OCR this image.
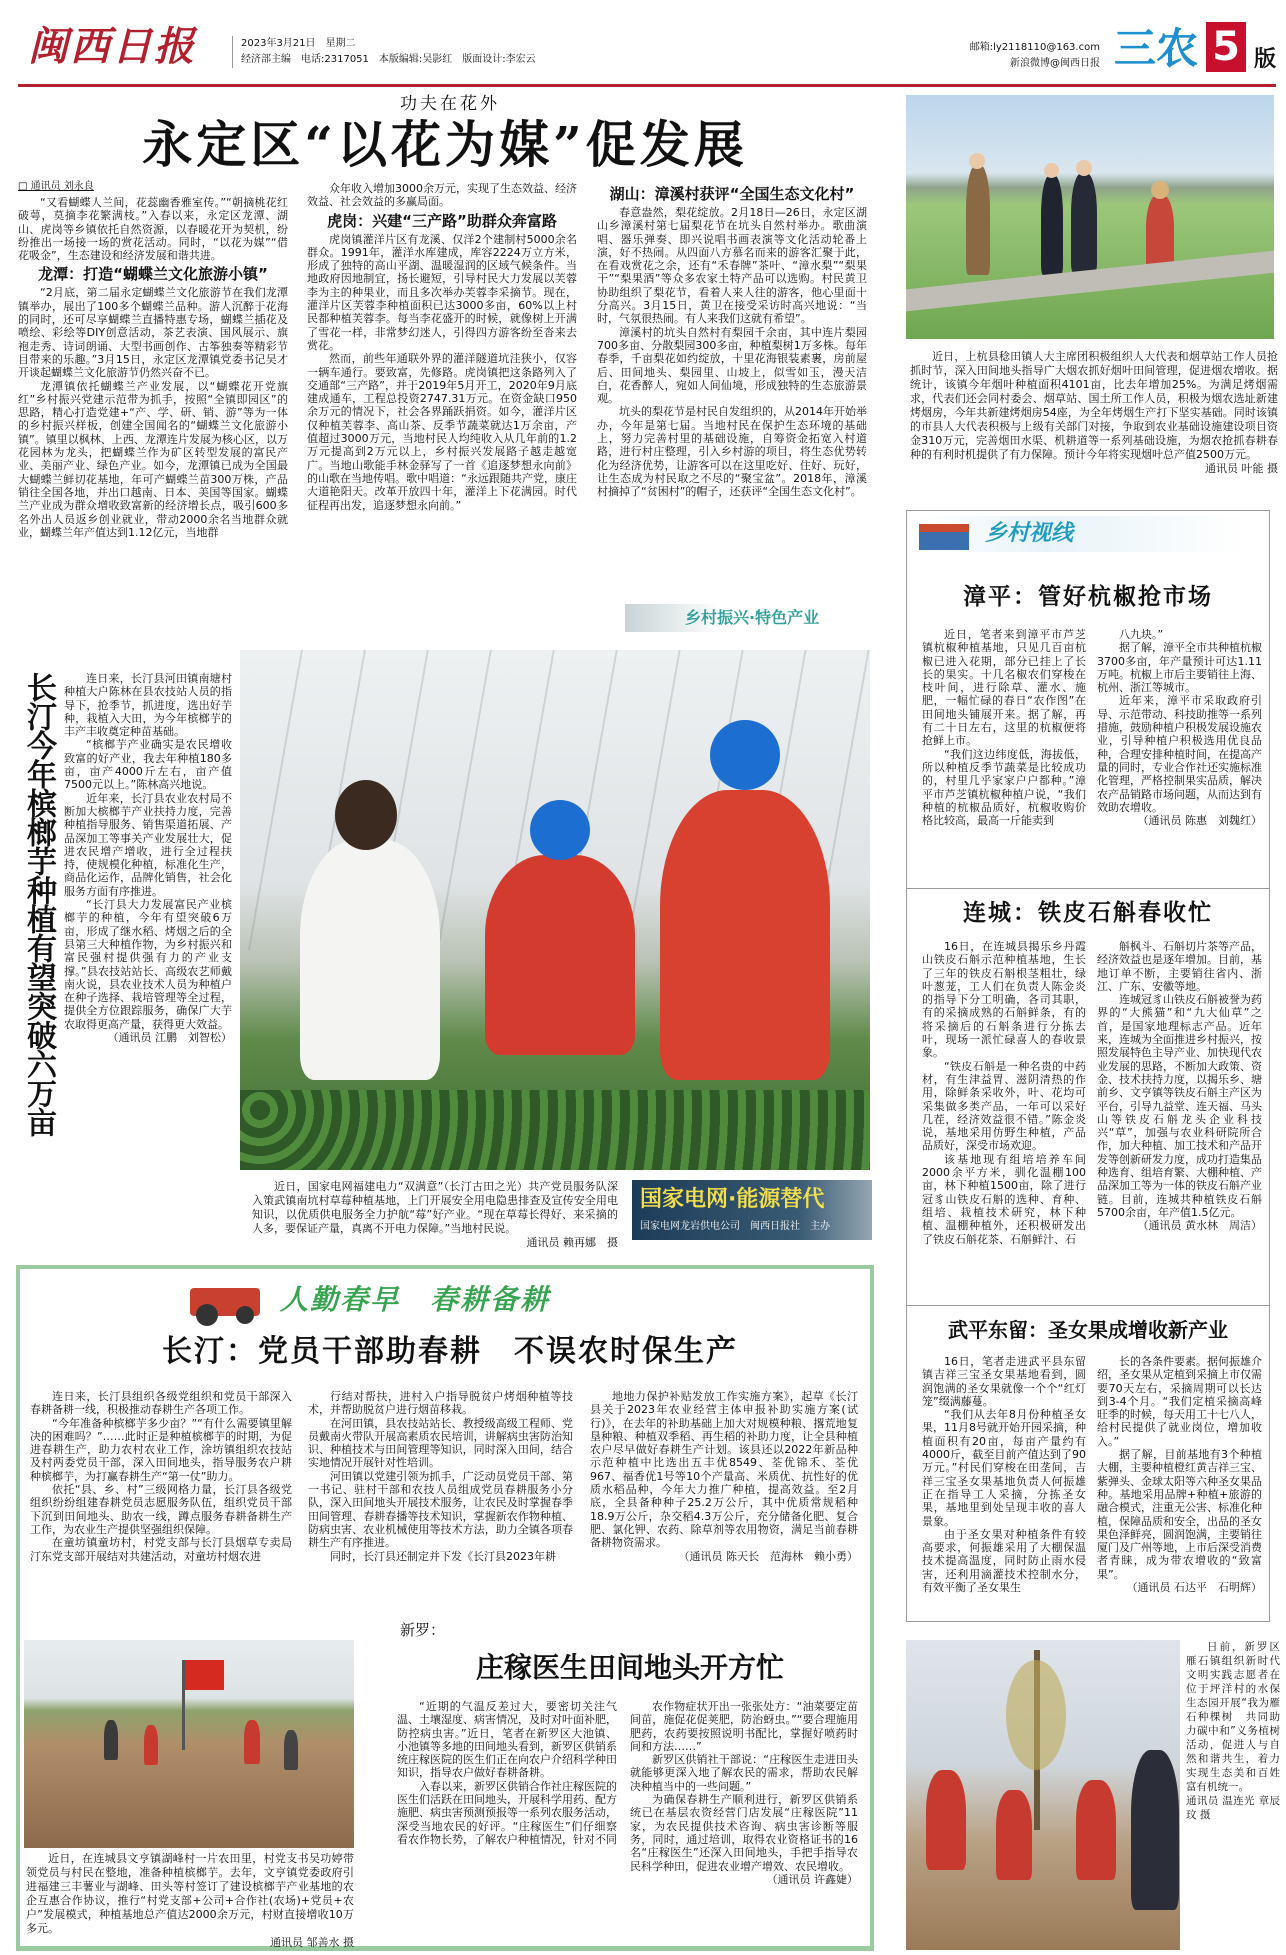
闽西日报	2023年3月21日　星期二
经济部主编　电话:2317051　本版编辑:吴影红　版面设计:李宏云
邮箱:ly2118110@163.com
新浪微博@闽西日报 三农 5 版
功夫在花外
永定区“以花为媒”促发展
□ 通讯员 刘永良

“又看蝴蝶人兰间，花蕊幽香雅室传。”“朝摘桃花红破萼，莫摘李花繁满枝。”入春以来，永定区龙潭、湖山、虎岗等乡镇依托自然资源，以春暖花开为契机，纷纷推出一场接一场的赏花活动。同时，“以花为媒”“借花吸金”，生态建设和经济发展和谐共进。

龙潭：打造“蝴蝶兰文化旅游小镇”

“2月底，第二届永定蝴蝶兰文化旅游节在我们龙潭镇举办，展出了100多个蝴蝶兰品种。游人沉醉于花海的同时，还可尽享蝴蝶兰直播特惠专场，蝴蝶兰插花及喷绘、彩绘等DIY创意活动，茶艺表演、国风展示、旗袍走秀、诗词朗诵、大型书画创作、古筝独奏等精彩节目带来的乐趣。”3月15日，永定区龙潭镇党委书记吴才开谈起蝴蝶兰文化旅游节仍然兴奋不已。

龙潭镇依托蝴蝶兰产业发展，以“蝴蝶花开党旗红”乡村振兴党建示范带为抓手，按照“全镇即园区”的思路，精心打造党建+“产、学、研、销、游”等为一体的乡村振兴样板，创建全国闻名的“蝴蝶兰文化旅游小镇”。镇里以枫林、上西、龙潭连片发展为核心区，以万花园林为龙头，把蝴蝶兰作为矿区转型发展的富民产业、美丽产业、绿色产业。如今，龙潭镇已成为全国最大蝴蝶兰鲜切花基地，年可产蝴蝶兰苗300万株，产品销往全国各地，并出口越南、日本、美国等国家。蝴蝶兰产业成为群众增收致富新的经济增长点，吸引600多名外出人员返乡创业就业，带动2000余名当地群众就业，蝴蝶兰年产值达到1.12亿元，当地群

众年收入增加3000余万元，实现了生态效益、经济效益、社会效益的多赢局面。

虎岗：兴建“三产路”助群众奔富路

虎岗镇灌洋片区有龙溪、仅洋2个建制村5000余名群众。1991年，灌洋水库建成，库容2224万立方米，形成了独特的高山平湖、温暖湿润的区域气候条件。当地政府因地制宜，扬长避短，引导村民大力发展以芙蓉李为主的种果业，而且多次举办芙蓉李采摘节。现在，灌洋片区芙蓉李种植面积已达3000多亩，60%以上村民都种植芙蓉李。每当李花盛开的时候，就像树上开满了雪花一样，非常梦幻迷人，引得四方游客纷至沓来去赏花。

然而，前些年通联外界的灌洋隧道坑洼狭小，仅容一辆车通行。要致富，先修路。虎岗镇把这条路列入了交通部“三产路”，并于2019年5月开工，2020年9月底建成通车，工程总投资2747.31万元。在资金缺口950余万元的情况下，社会各界踊跃捐资。如今，灌洋片区仅种植芙蓉李、高山茶、反季节蔬菜就达1万余亩，产值超过3000万元，当地村民人均纯收入从几年前的1.2万元提高到2万元以上，乡村振兴发展路子越走越宽广。当地山歌能手林金驿写了一首《追逐梦想永向前》的山歌在当地传唱。歌中唱道：“永远跟随共产党，康庄大道艳阳天。改革开放四十年，灌洋上下花满园。时代征程再出发，追逐梦想永向前。”

湖山：漳溪村获评“全国生态文化村”

春意盎然，梨花绽放。2月18日—26日，永定区湖山乡漳溪村第七届梨花节在坑头自然村举办。歌曲演唱、器乐弹奏、即兴说唱书画表演等文化活动轮番上演，好不热闹。从四面八方慕名而来的游客汇聚于此，在看戏赏花之余，还有“禾春牌”茶叶、“漳水梨”“梨果干”“梨果酒”等众多农家土特产品可以选购。村民黄卫协助组织了梨花节，看着人来人往的游客，他心里面十分高兴。3月15日，黄卫在接受采访时高兴地说：“当时，气氛很热闹。有人来我们这就有希望”。

漳溪村的坑头自然村有梨园千余亩，其中连片梨园700多亩、分散梨园300多亩，种植梨树1万多株。每年春季，千亩梨花如约绽放，十里花海银装素裹，房前屋后、田间地头、梨园里、山坡上，似雪如玉，漫天洁白，花香醉人，宛如人间仙境，形成独特的生态旅游景观。

坑头的梨花节是村民自发组织的，从2014年开始举办，今年是第七届。当地村民在保护生态环境的基础上，努力完善村里的基础设施，自筹资金拓宽入村道路，进行村庄整理，引入乡村游的项目，将生态优势转化为经济优势，让游客可以在这里吃好、住好、玩好，让生态成为村民取之不尽的“聚宝盆”。2018年，漳溪村摘掉了“贫困村”的帽子，还获评“全国生态文化村”。

乡村振兴·特色产业

近日，上杭县稔田镇人大主席团积极组织人大代表和烟草站工作人员抢抓时节，深入田间地头指导广大烟农抓好烟叶田间管理，促进烟农增收。据统计，该镇今年烟叶种植面积4101亩，比去年增加25%。为满足烤烟需求，代表们还会同村委会、烟草站、国土所工作人员，积极为烟农选址新建烤烟房，今年共新建烤烟房54座，为全年烤烟生产打下坚实基础。同时该镇的市县人大代表积极与上级有关部门对接，争取到农业基础设施建设项目资金310万元，完善烟田水渠、机耕道等一系列基础设施，为烟农抢抓春耕春种的有利时机提供了有力保障。预计今年将实现烟叶总产值2500万元。

通讯员 叶能 摄

长汀今年槟榔芋种植有望突破六万亩	连日来，长汀县河田镇南塘村种植大户陈林在县农技站人员的指导下，抢季节，抓进度，选出好芋种，栽植入大田，为今年槟榔芋的丰产丰收奠定种苗基础。

“槟榔芋产业确实是农民增收致富的好产业，我去年种植180多亩，亩产4000斤左右，亩产值7500元以上。”陈林高兴地说。

近年来，长汀县农业农村局不断加大槟榔芋产业扶持力度，完善种植指导服务、销售渠道拓展、产品深加工等事关产业发展壮大，促进农民增产增收，进行全过程扶持，使规模化种植，标准化生产，商品化运作，品牌化销售，社会化服务方面有序推进。

“长汀县大力发展富民产业槟榔芋的种植，今年有望突破6万亩，形成了继水稻、烤烟之后的全县第三大种植作物，为乡村振兴和富民强村提供强有力的产业支撑。”县农技站站长、高级农艺师戴南火说，县农业技术人员为种植户在种子选择、栽培管理等全过程，提供全方位跟踪服务，确保广大芋农取得更高产量，获得更大效益。

（通讯员 江鹏　刘智松）

近日，国家电网福建电力“双满意”（长汀古田之光）共产党员服务队深入策武镇南坑村草莓种植基地，上门开展安全用电隐患排查及宣传安全用电知识，以优质供电服务全力护航“莓”好产业。“现在草莓长得好、来采摘的人多，要保证产量，真离不开电力保障。”当地村民说。

通讯员 赖再娜　摄

国家电网·能源替代
国家电网龙岩供电公司　闽西日报社　主办
乡村视线
漳平：管好杭椒抢市场

近日，笔者来到漳平市芦芝镇杭椒种植基地，只见几百亩杭椒已进入花期，部分已挂上了长长的果实。十几名椒农们穿梭在枝叶间，进行除草、灌水、施肥，一幅忙碌的春日“农作图”在田间地头铺展开来。据了解，再有二十日左右，这里的杭椒便将抢鲜上市。

“我们这边纬度低，海拔低，所以种植反季节蔬菜是比较成功的，村里几乎家家户户都种。”漳平市芦芝镇杭椒种植户说，“我们种植的杭椒品质好，杭椒收购价格比较高，最高一斤能卖到

八九块。”

据了解，漳平全市共种植杭椒3700多亩，年产量预计可达1.11万吨。杭椒上市后主要销往上海、杭州、浙江等城市。

近年来，漳平市采取政府引导、示范带动、科技助推等一系列措施，鼓励种植户积极发展设施农业，引导种植户积极选用优良品种，合理安排种植时间，在提高产量的同时，专业合作社还实施标准化管理，严格控制果实品质，解决农产品销路市场问题，从而达到有效助农增收。

（通讯员 陈惠　刘魏红）

连城：铁皮石斛春收忙

16日，在连城县揭乐乡丹霞山铁皮石斛示范种植基地，生长了三年的铁皮石斛根茎粗壮，绿叶葱茏，工人们在负责人陈金炎的指导下分工明确，各司其职，有的采摘成熟的石斛鲜条，有的将采摘后的石斛条进行分拣去叶，现场一派忙碌喜人的春收景象。

“铁皮石斛是一种名贵的中药材，有生津益胃、滋阴清热的作用，除鲜条采收外，叶、花均可采集做多类产品，一年可以采好几茬，经济效益很不错。”陈金炎说，基地采用仿野生种植，产品品质好，深受市场欢迎。

该基地现有组培培养车间2000余平方米，驯化温棚100亩，林下种植1500亩，除了进行冠豸山铁皮石斛的选种、育种、组培、栽植技术研究，林下种植、温棚种植外，还积极研发出了铁皮石斛花茶、石斛鲜汁、石

斛枫斗、石斛切片茶等产品，经济效益也是逐年增加。目前，基地订单不断，主要销往省内、浙江、广东、安徽等地。

连城冠豸山铁皮石斛被誉为药界的“大熊猫”和“九大仙草”之首，是国家地理标志产品。近年来，连城为全面推进乡村振兴，按照发展特色主导产业、加快现代农业发展的思路，不断加大政策、资金、技术扶持力度，以揭乐乡、塘前乡、文亨镇等铁皮石斛主产区为平台，引导九益堂、连天福、马头山等铁皮石斛龙头企业科技兴“草”，加强与农业科研院所合作，加大种植、加工技术和产品开发等创新研发力度，成功打造集品种选育、组培育繁、大棚种植、产品深加工等为一体的铁皮石斛产业链。目前，连城共种植铁皮石斛5700余亩，年产值1.5亿元。

（通讯员 黄水林　周洁）

武平东留：圣女果成增收新产业

16日，笔者走进武平县东留镇吉祥三宝圣女果基地看到，圆润饱满的圣女果就像一个个“红灯笼”缀满藤蔓。

“我们从去年8月份种植圣女果，11月8号就开始开园采摘，种植面积有20亩，每亩产量约有4000斤，截至目前产值达到了90万元。”村民们穿梭在田垄间，吉祥三宝圣女果基地负责人何振雄正在指导工人采摘，分拣圣女果，基地里到处呈现丰收的喜人景象。

由于圣女果对种植条件有较高要求，何振雄采用了大棚保温技术提高温度，同时防止雨水侵害，还利用滴灌技术控制水分，有效平衡了圣女果生

长的各条件要素。据何振雄介绍，圣女果从定植到采摘上市仅需要70天左右，采摘周期可以长达到3-4个月。“我们定植采摘高峰旺季的时候，每天用工十七八人，给村民提供了就业岗位，增加收入。”

据了解，目前基地有3个种植大棚，主要种植橙红黄吉祥三宝、紫弹头、金球太阳等六种圣女果品种。基地采用品牌+种植+旅游的融合模式，注重无公害、标准化种植，保障品质和安全，出品的圣女果色泽鲜亮，圆润饱满，主要销往厦门及广州等地，上市后深受消费者青睐，成为带农增收的“致富果”。

（通讯员 石达平　石明辉）

日前，新罗区雁石镇组织新时代文明实践志愿者在位于坪洋村的水保生态园开展“我为雁石种棵树　共同助力碳中和”义务植树活动，促进人与自然和谐共生，着力实现生态美和百姓富有机统一。

通讯员 温连光 章辰玟 摄

人勤春早　春耕备耕
长汀：党员干部助春耕　不误农时保生产

连日来，长汀县组织各级党组织和党员干部深入春耕备耕一线，积极推动春耕生产各项工作。

“今年准备种槟榔芋多少亩？”“有什么需要镇里解决的困难吗？”……此时正是种植槟榔芋的时期，为促进春耕生产，助力农村农业工作，涂坊镇组织农技站及村两委党员干部，深入田间地头，指导服务农户耕种槟榔芋，为打赢春耕生产“第一仗”助力。

依托“县、乡、村”三级网格力量，长汀县各级党组织纷纷组建春耕党员志愿服务队伍，组织党员干部下沉到田间地头、助农一线，蹲点服务春耕备耕生产工作，为农业生产提供坚强组织保障。

在童坊镇童坊村，村党支部与长汀县烟草专卖局汀东党支部开展结对共建活动，对童坊村烟农进

行结对帮扶，进村入户指导脱贫户烤烟种植等技术，并帮助脱贫户进行烟苗移栽。

在河田镇，县农技站站长、教授级高级工程师、党员戴南火带队开展高素质农民培训，讲解病虫害防治知识、种植技术与田间管理等知识，同时深入田间，结合实地情况开展针对性培训。

河田镇以党建引领为抓手，广泛动员党员干部、第一书记、驻村干部和农技人员组成党员春耕服务小分队，深入田间地头开展技术服务，让农民及时掌握春季田间管理、春耕春播等技术知识，掌握新农作物种植、防病虫害、农业机械使用等技术方法，助力全镇各项春耕生产有序推进。

同时，长汀县还制定并下发《长汀县2023年耕

地地力保护补贴发放工作实施方案》，起草《长汀县关于2023年农业经营主体申报补助实施方案(试行)》，在去年的补助基础上加大对规模种粮、撂荒地复垦种粮、种植双季稻、再生稻的补助力度，让全县种植农户尽早做好春耕生产计划。该县还以2022年新品种示范种植中比选出五丰优8549、荃优锦禾、荃优967、福香优1号等10个产量高、米质优、抗性好的优质水稻品种，今年大力推广种植，提高效益。至2月底，全县备种种子25.2万公斤，其中优质常规稻种18.9万公斤，杂交稻4.3万公斤，充分储备化肥、复合肥、氯化钾、农药、除草剂等农用物资，满足当前春耕备耕物资需求。

（通讯员 陈天长　范海林　赖小勇）

近日，在连城县文亨镇湖峰村一片农田里，村党支书吴功婷带领党员与村民在整地，准备种植槟榔芋。去年，文亨镇党委政府引进福建三丰薯业与湖峰、田头等村签订了建设槟榔芋产业基地的农企互惠合作协议，推行“村党支部+公司+合作社(农场)+党员+农户”发展模式，种植基地总产值达2000余万元，村财直接增收10万多元。

通讯员 邹善水 摄

新罗：
庄稼医生田间地头开方忙

“近期的气温反差过大，要密切关注气温、土壤湿度、病害情况，及时对叶面补肥，防控病虫害。”近日，笔者在新罗区大池镇、小池镇等多地的田间地头看到，新罗区供销系统庄稼医院的医生们正在向农户介绍科学种田知识，指导农户做好春耕备耕。

入春以来，新罗区供销合作社庄稼医院的医生们活跃在田间地头，开展科学用药、配方施肥、病虫害预测预报等一系列农服务活动，深受当地农民的好评。“庄稼医生”们仔细察看农作物长势，了解农户种植情况，针对不同

农作物症状开出一张张处方：“油菜要定苗间苗，施促花促荚肥，防治蚜虫。”“要合理施用肥药，农药要按照说明书配比，掌握好喷药时间和方法……”

新罗区供销社干部说：“庄稼医生走进田头就能够更深入地了解农民的需求，帮助农民解决种植当中的一些问题。”

为确保春耕生产顺利进行，新罗区供销系统已在基层农资经营门店发展“庄稼医院”11家，为农民提供技术咨询、病虫害诊断等服务，同时，通过培训，取得农业资格证书的16名“庄稼医生”还深入田间地头，手把手指导农民科学种田，促进农业增产增效、农民增收。

（通讯员 许鑫婕）
